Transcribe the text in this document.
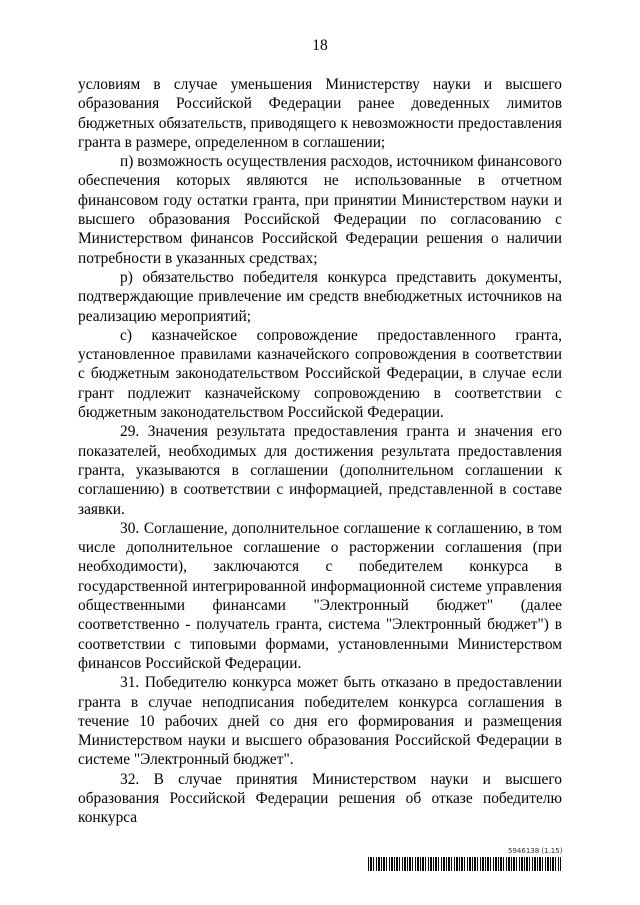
18

условиям в случае уменьшения Министерству науки и высшего образования Российской Федерации ранее доведенных лимитов бюджетных обязательств, приводящего к невозможности предоставления гранта в размере, определенном в соглашении;

п) возможность осуществления расходов, источником финансового обеспечения которых являются не использованные в отчетном финансовом году остатки гранта, при принятии Министерством науки и высшего образования Российской Федерации по согласованию с Министерством финансов Российской Федерации решения о наличии потребности в указанных средствах;

р) обязательство победителя конкурса представить документы, подтверждающие привлечение им средств внебюджетных источников на реализацию мероприятий;

с) казначейское сопровождение предоставленного гранта, установленное правилами казначейского сопровождения в соответствии с бюджетным законодательством Российской Федерации, в случае если грант подлежит казначейскому сопровождению в соответствии с бюджетным законодательством Российской Федерации.

29. Значения результата предоставления гранта и значения его показателей, необходимых для достижения результата предоставления гранта, указываются в соглашении (дополнительном соглашении к соглашению) в соответствии с информацией, представленной в составе заявки.

30. Соглашение, дополнительное соглашение к соглашению, в том числе дополнительное соглашение о расторжении соглашения (при необходимости), заключаются с победителем конкурса в государственной интегрированной информационной системе управления общественными финансами "Электронный бюджет" (далее соответственно - получатель гранта, система "Электронный бюджет") в соответствии с типовыми формами, установленными Министерством финансов Российской Федерации.

31. Победителю конкурса может быть отказано в предоставлении гранта в случае неподписания победителем конкурса соглашения в течение 10 рабочих дней со дня его формирования и размещения Министерством науки и высшего образования Российской Федерации в системе "Электронный бюджет".

32. В случае принятия Министерством науки и высшего образования Российской Федерации решения об отказе победителю конкурса

5946138 (1.15)
